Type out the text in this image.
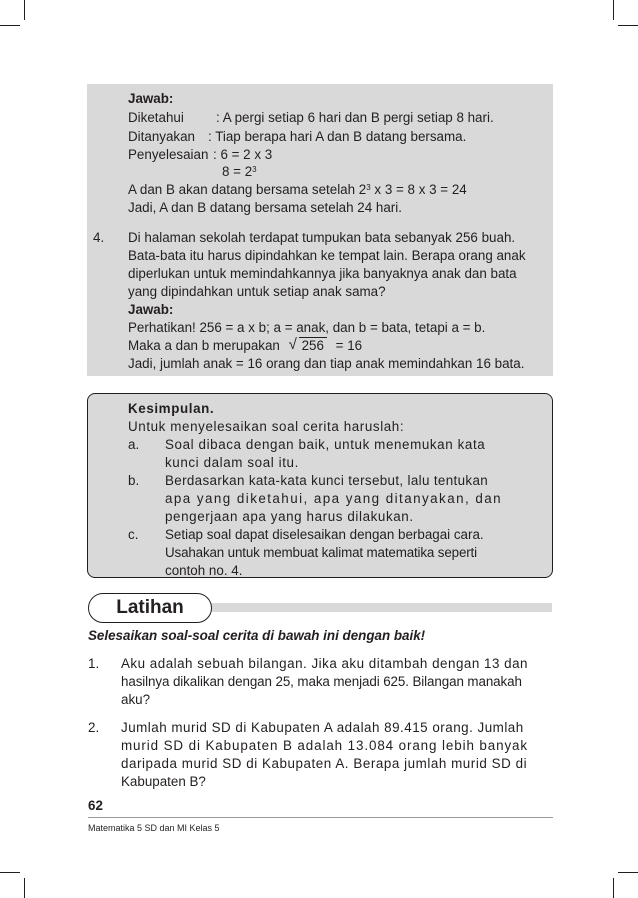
Jawab:
Diketahui : A pergi setiap 6 hari dan B pergi setiap 8 hari.
Ditanyakan : Tiap berapa hari A dan B datang bersama.
Penyelesaian : 6 = 2 x 3
$8 = 2^3$
A dan B akan datang bersama setelah $2^3$ x 3 = 8 x 3 = 24
Jadi, A dan B datang bersama setelah 24 hari.
4. Di halaman sekolah terdapat tumpukan bata sebanyak 256 buah.
Bata-bata itu harus dipindahkan ke tempat lain. Berapa orang anak
diperlukan untuk memindahkannya jika banyaknya anak dan bata
yang dipindahkan untuk setiap anak sama?
Jawab:
Perhatikan! 256 = a x b; a = anak, dan b = bata, tetapi a = b.
Maka a dan b merupakan √ 256 = 16
Jadi, jumlah anak = 16 orang dan tiap anak memindahkan 16 bata.
Kesimpulan.
Untuk menyelesaikan soal cerita haruslah:
a. Soal dibaca dengan baik, untuk menemukan kata
kunci dalam soal itu.
b. Berdasarkan kata-kata kunci tersebut, lalu tentukan
apa yang diketahui, apa yang ditanyakan, dan
pengerjaan apa yang harus dilakukan.
c. Setiap soal dapat diselesaikan dengan berbagai cara.
Usahakan untuk membuat kalimat matematika seperti
contoh no. 4.
Latihan
Selesaikan soal-soal cerita di bawah ini dengan baik!
1. Aku adalah sebuah bilangan. Jika aku ditambah dengan 13 dan
hasilnya dikalikan dengan 25, maka menjadi 625. Bilangan manakah
aku?
2. Jumlah murid SD di Kabupaten A adalah 89.415 orang. Jumlah
murid SD di Kabupaten B adalah 13.084 orang lebih banyak
daripada murid SD di Kabupaten A. Berapa jumlah murid SD di
Kabupaten B?
62
Matematika 5 SD dan MI Kelas 5
